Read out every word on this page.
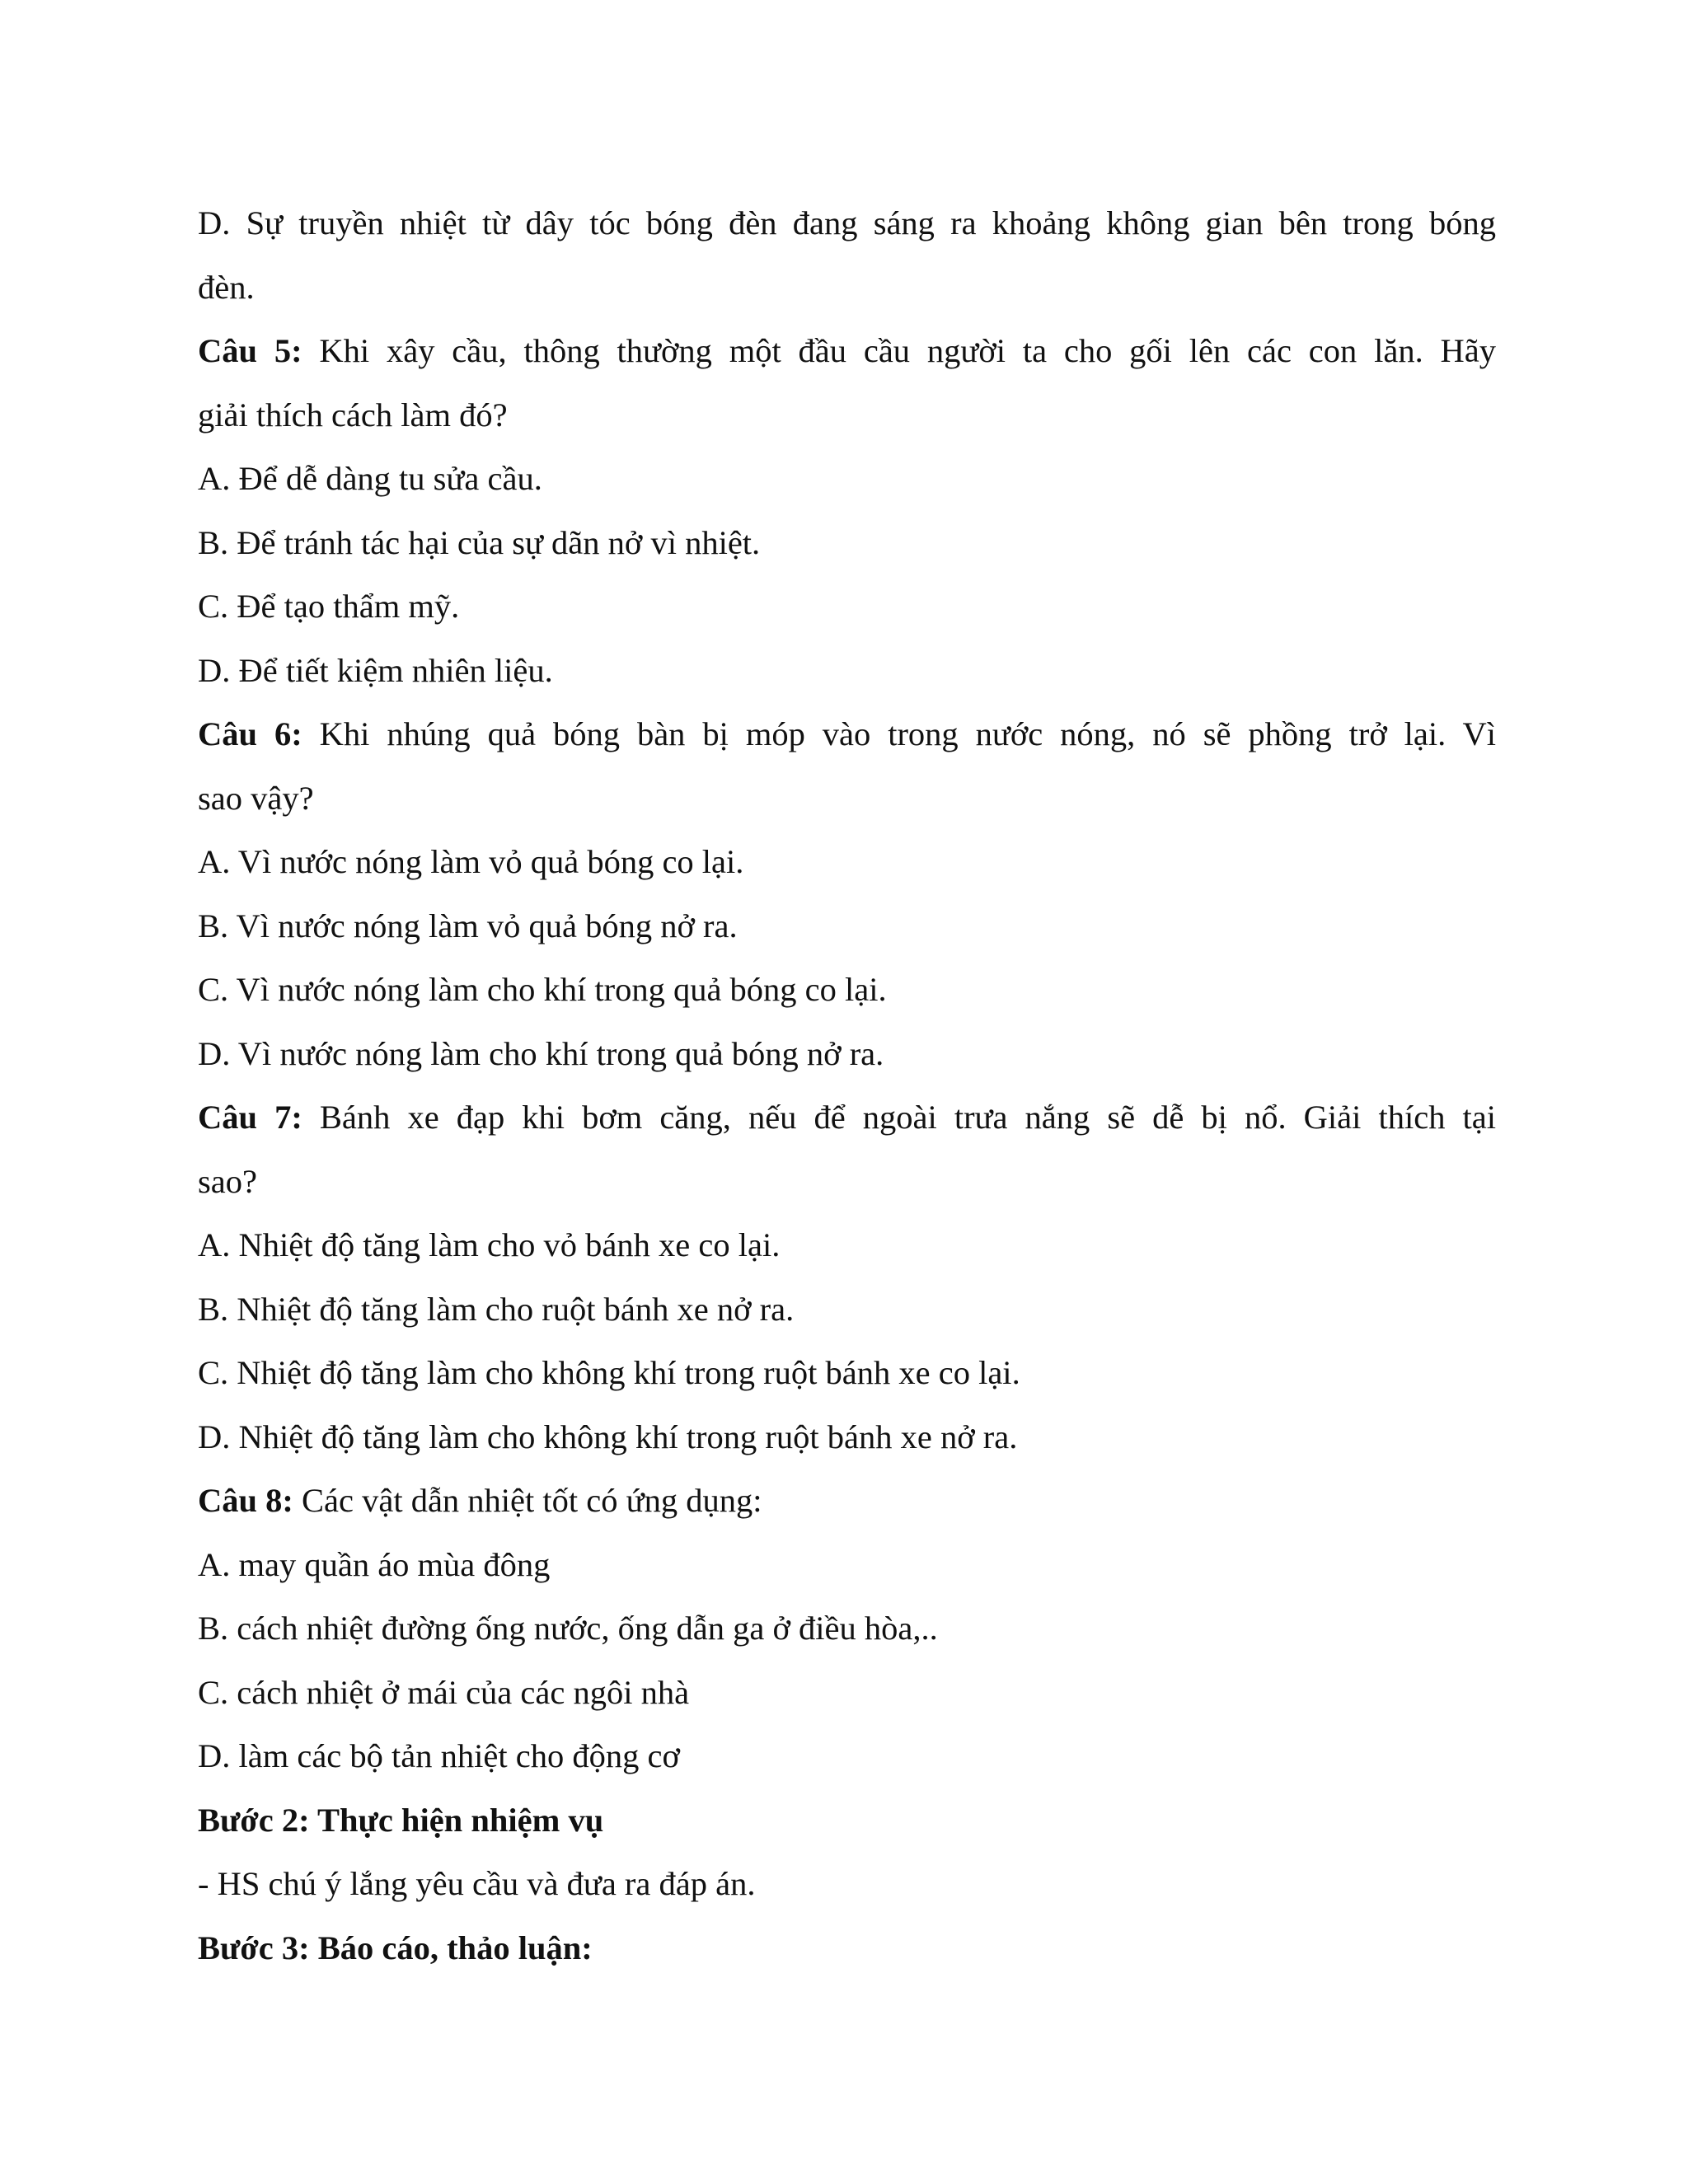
D. Sự truyền nhiệt từ dây tóc bóng đèn đang sáng ra khoảng không gian bên trong bóng
đèn.
Câu 5: Khi xây cầu, thông thường một đầu cầu người ta cho gối lên các con lăn. Hãy
giải thích cách làm đó?
A. Để dễ dàng tu sửa cầu.
B. Để tránh tác hại của sự dãn nở vì nhiệt.
C. Để tạo thẩm mỹ.
D. Để tiết kiệm nhiên liệu.
Câu 6: Khi nhúng quả bóng bàn bị móp vào trong nước nóng, nó sẽ phồng trở lại. Vì
sao vậy?
A. Vì nước nóng làm vỏ quả bóng co lại.
B. Vì nước nóng làm vỏ quả bóng nở ra.
C. Vì nước nóng làm cho khí trong quả bóng co lại.
D. Vì nước nóng làm cho khí trong quả bóng nở ra.
Câu 7: Bánh xe đạp khi bơm căng, nếu để ngoài trưa nắng sẽ dễ bị nổ. Giải thích tại
sao?
A. Nhiệt độ tăng làm cho vỏ bánh xe co lại.
B. Nhiệt độ tăng làm cho ruột bánh xe nở ra.
C. Nhiệt độ tăng làm cho không khí trong ruột bánh xe co lại.
D. Nhiệt độ tăng làm cho không khí trong ruột bánh xe nở ra.
Câu 8: Các vật dẫn nhiệt tốt có ứng dụng:
A. may quần áo mùa đông
B. cách nhiệt đường ống nước, ống dẫn ga ở điều hòa,..
C. cách nhiệt ở mái của các ngôi nhà
D. làm các bộ tản nhiệt cho động cơ
Bước 2: Thực hiện nhiệm vụ
- HS chú ý lắng yêu cầu và đưa ra đáp án.
Bước 3: Báo cáo, thảo luận:
